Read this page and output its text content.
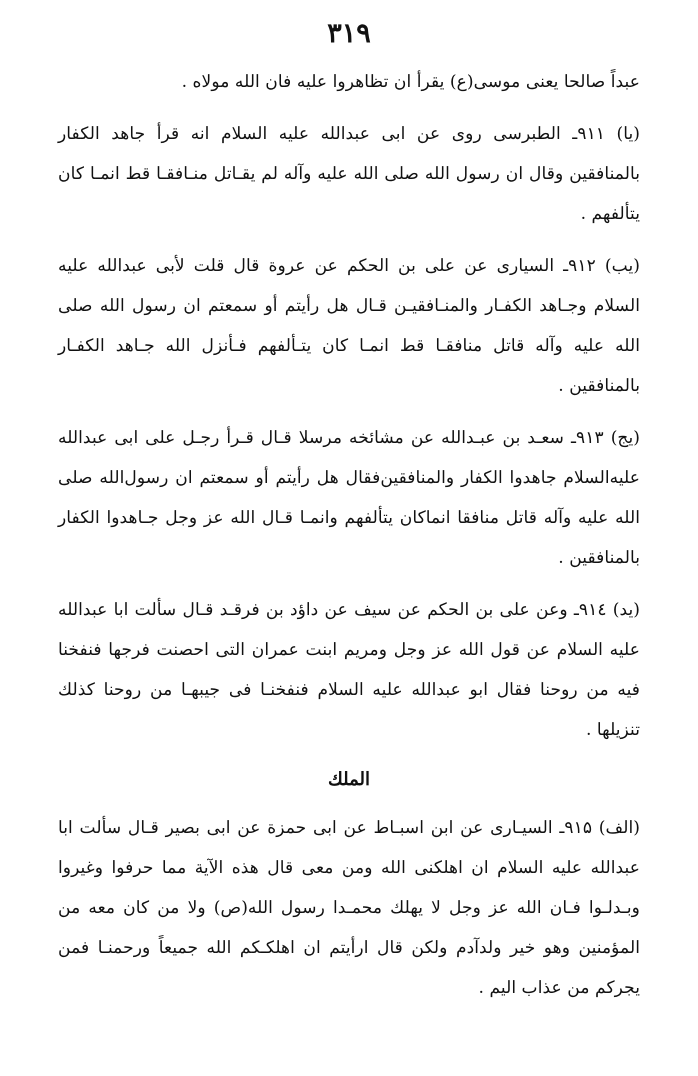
۳۱۹

عبداً صالحا يعنى موسى(ع) يقرأ ان تظاهروا عليه فان الله مولاه .

(يا) ۹۱۱ـ الطبرسى روى عن ابى عبدالله عليه السلام انه قرأ جاهد الكفار بالمنافقين وقال ان رسول الله صلى الله عليه وآله لم يقـاتل منـافقـا قط انمـا كان يتألفهم .

(يب) ۹۱۲ـ السيارى عن على بن الحكم عن عروة قال قلت لأبى عبدالله عليه السلام وجـاهد الكفـار والمنـافقيـن قـال هل رأيتم أو سمعتم ان رسول الله صلى الله عليه وآله قاتل منافقـا قط انمـا كان يتـألفهم فـأنزل الله جـاهد الكفـار بالمنافقين .

(يج) ۹۱۳ـ سعـد بن عبـدالله عن مشائخه مرسلا قـال قـرأ رجـل على ابى عبدالله عليه‌السلام جاهدوا الكفار والمنافقين‌فقال هل رأيتم أو سمعتم ان رسول‌الله صلى الله عليه وآله قاتل منافقا انماكان يتألفهم وانمـا قـال الله عز وجل جـاهدوا الكفار بالمنافقين .

(يد) ۹۱٤ـ وعن على بن الحكم عن سيف عن داؤد بن فرقـد قـال سألت ابا عبدالله عليه السلام عن قول الله عز وجل ومريم ابنت عمران التى احصنت فرجها فنفخنا فيه من روحنا فقال ابو عبدالله عليه السلام فنفخنـا فى جيبهـا من روحنا كذلك تنزيلها .

الملك

(الف) ۹۱۵ـ السيـارى عن ابن اسبـاط عن ابى حمزة عن ابى بصير قـال سألت ابا عبدالله عليه السلام ان اهلكنى الله ومن معى قال هذه الآية مما حرفوا وغيروا وبـدلـوا فـان الله عز وجل لا يهلك محمـدا رسول الله(ص) ولا من كان معه من المؤمنين وهو خير ولدآدم ولكن قال ارأيتم ان اهلكـكم الله جميعاً ورحمنـا فمن يجركم من عذاب اليم .
